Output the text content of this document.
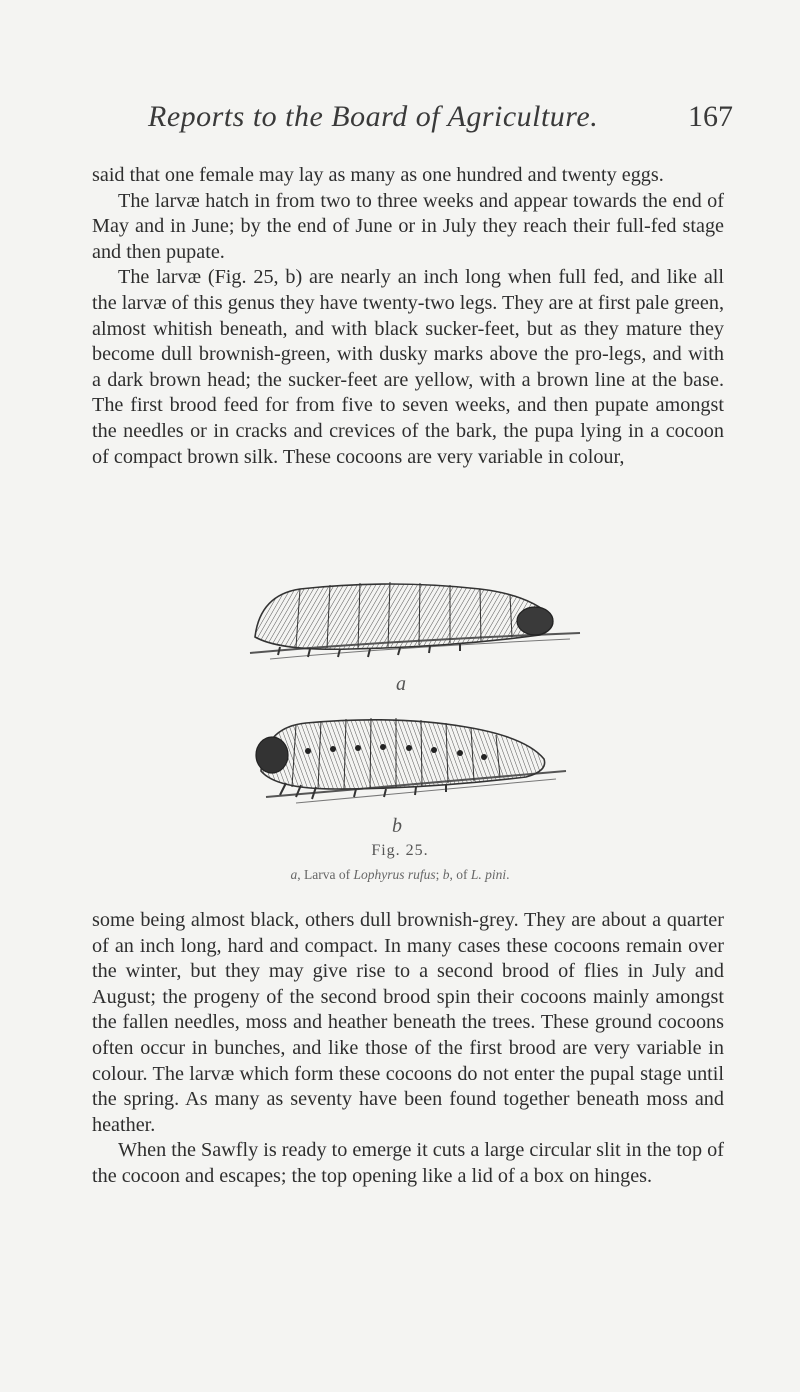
Reports to the Board of Agriculture.	167

said that one female may lay as many as one hundred and twenty eggs.

The larvæ hatch in from two to three weeks and appear towards the end of May and in June; by the end of June or in July they reach their full-fed stage and then pupate.

The larvæ (Fig. 25, b) are nearly an inch long when full fed, and like all the larvæ of this genus they have twenty-two legs. They are at first pale green, almost whitish beneath, and with black sucker-feet, but as they mature they become dull brownish-green, with dusky marks above the pro-legs, and with a dark brown head; the sucker-feet are yellow, with a brown line at the base. The first brood feed for from five to seven weeks, and then pupate amongst the needles or in cracks and crevices of the bark, the pupa lying in a cocoon of compact brown silk. These cocoons are very variable in colour,

a
b
Fig. 25.
a, Larva of Lophyrus rufus; b, of L. pini.

some being almost black, others dull brownish-grey. They are about a quarter of an inch long, hard and compact. In many cases these cocoons remain over the winter, but they may give rise to a second brood of flies in July and August; the progeny of the second brood spin their cocoons mainly amongst the fallen needles, moss and heather beneath the trees. These ground cocoons often occur in bunches, and like those of the first brood are very variable in colour. The larvæ which form these cocoons do not enter the pupal stage until the spring. As many as seventy have been found together beneath moss and heather.

When the Sawfly is ready to emerge it cuts a large circular slit in the top of the cocoon and escapes; the top opening like a lid of a box on hinges.
